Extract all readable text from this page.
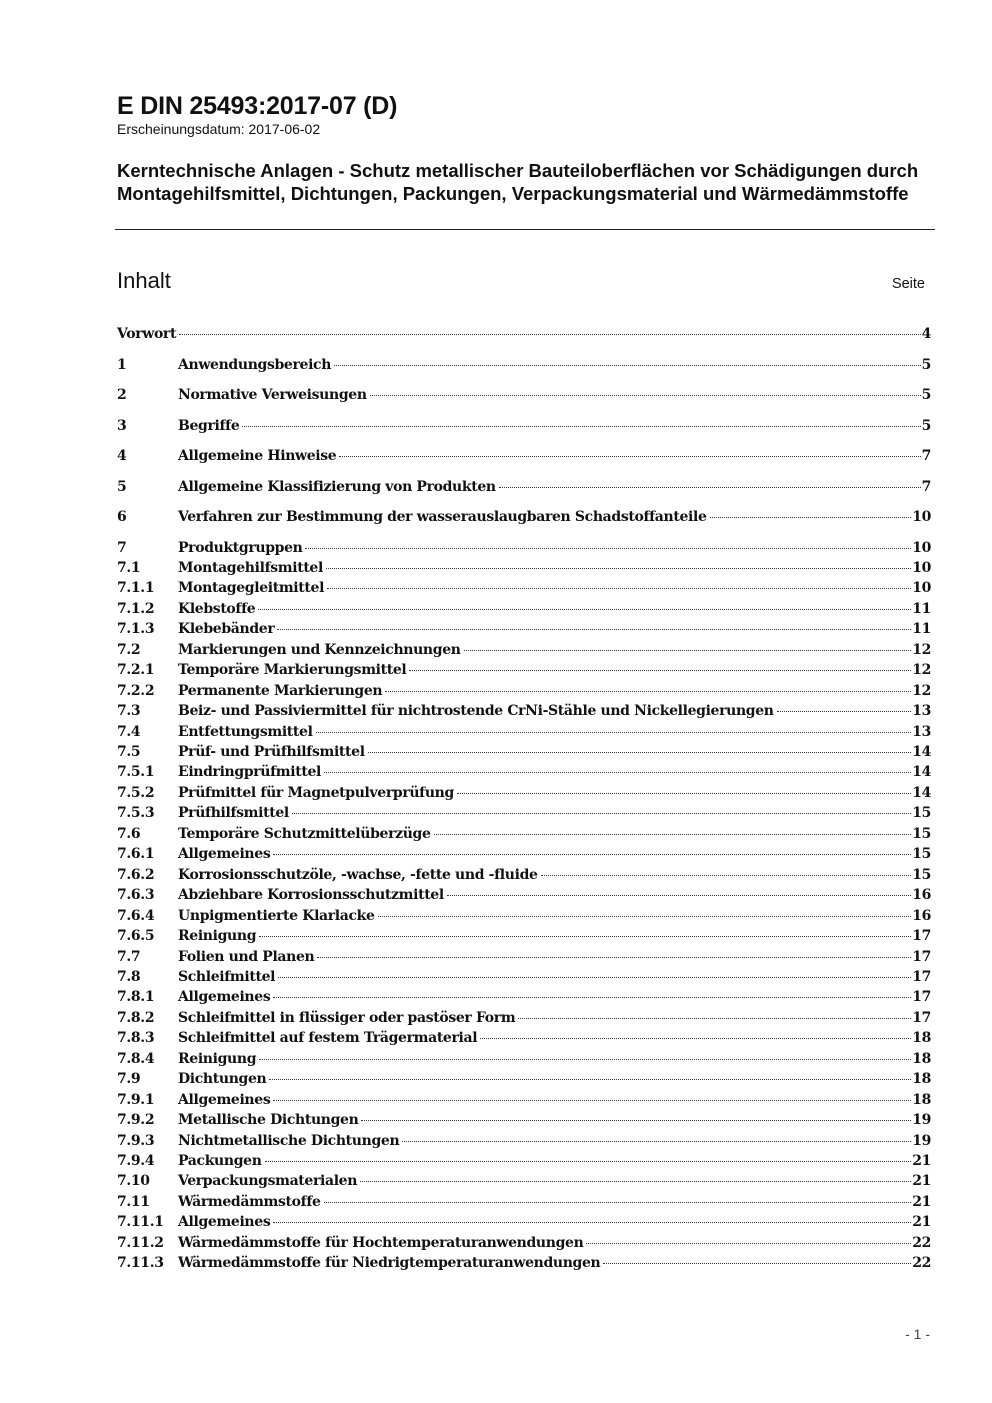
E DIN 25493:2017-07 (D)
Erscheinungsdatum: 2017-06-02
Kerntechnische Anlagen - Schutz metallischer Bauteiloberflächen vor Schädigungen durch Montagehilfsmittel, Dichtungen, Packungen, Verpackungsmaterial und Wärmedämmstoffe
Inhalt	Seite
Vorwort	4
1	Anwendungsbereich	5
2	Normative Verweisungen	5
3	Begriffe	5
4	Allgemeine Hinweise	7
5	Allgemeine Klassifizierung von Produkten	7
6	Verfahren zur Bestimmung der wasserauslaugbaren Schadstoffanteile	10
7	Produktgruppen	10
7.1	Montagehilfsmittel	10
7.1.1	Montagegleitmittel	10
7.1.2	Klebstoffe	11
7.1.3	Klebebänder	11
7.2	Markierungen und Kennzeichnungen	12
7.2.1	Temporäre Markierungsmittel	12
7.2.2	Permanente Markierungen	12
7.3	Beiz- und Passiviermittel für nichtrostende CrNi-Stähle und Nickellegierungen	13
7.4	Entfettungsmittel	13
7.5	Prüf- und Prüfhilfsmittel	14
7.5.1	Eindringprüfmittel	14
7.5.2	Prüfmittel für Magnetpulverprüfung	14
7.5.3	Prüfhilfsmittel	15
7.6	Temporäre Schutzmittelüberzüge	15
7.6.1	Allgemeines	15
7.6.2	Korrosionsschutzöle, -wachse, -fette und -fluide	15
7.6.3	Abziehbare Korrosionsschutzmittel	16
7.6.4	Unpigmentierte Klarlacke	16
7.6.5	Reinigung	17
7.7	Folien und Planen	17
7.8	Schleifmittel	17
7.8.1	Allgemeines	17
7.8.2	Schleifmittel in flüssiger oder pastöser Form	17
7.8.3	Schleifmittel auf festem Trägermaterial	18
7.8.4	Reinigung	18
7.9	Dichtungen	18
7.9.1	Allgemeines	18
7.9.2	Metallische Dichtungen	19
7.9.3	Nichtmetallische Dichtungen	19
7.9.4	Packungen	21
7.10	Verpackungsmaterialen	21
7.11	Wärmedämmstoffe	21
7.11.1	Allgemeines	21
7.11.2	Wärmedämmstoffe für Hochtemperaturanwendungen	22
7.11.3	Wärmedämmstoffe für Niedrigtemperaturanwendungen	22
- 1 -
